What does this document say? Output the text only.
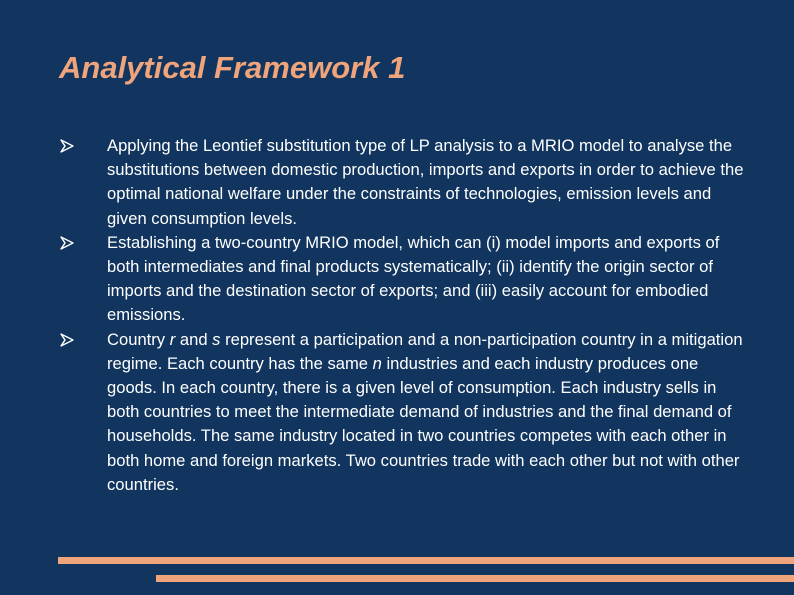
Analytical Framework 1
Applying the Leontief substitution type of LP analysis to a MRIO model to analyse the substitutions between domestic production, imports and exports in order to achieve the optimal national welfare under the constraints of technologies, emission levels and given consumption levels.
Establishing a two-country MRIO model, which can (i) model imports and exports of both intermediates and final products systematically; (ii) identify the origin sector of imports and the destination sector of exports; and (iii) easily account for embodied emissions.
Country r and s represent a participation and a non-participation country in a mitigation regime. Each country has the same n industries and each industry produces one goods. In each country, there is a given level of consumption. Each industry sells in both countries to meet the intermediate demand of industries and the final demand of households. The same industry located in two countries competes with each other in both home and foreign markets. Two countries trade with each other but not with other countries.
